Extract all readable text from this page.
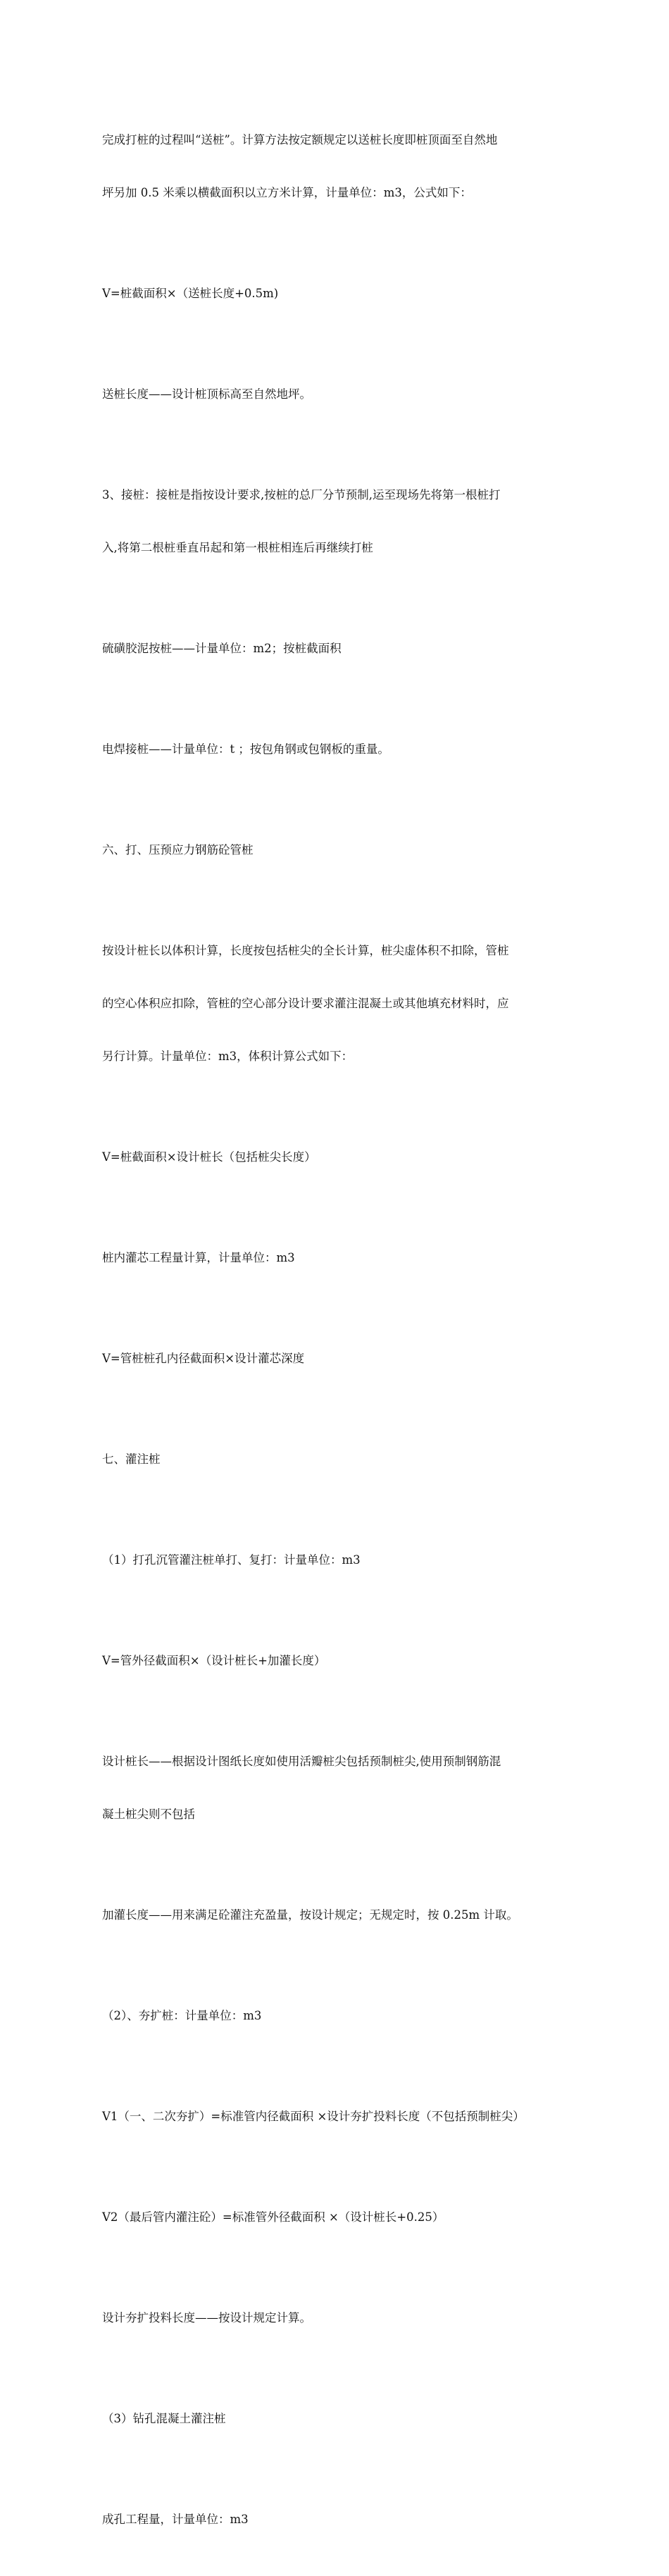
完成打桩的过程叫“送桩”。计算方法按定额规定以送桩长度即桩顶面至自然地

坪另加 0.5 米乘以横截面积以立方米计算，计量单位：m3，公式如下：

V=桩截面积×（送桩长度+0.5m)

送桩长度——设计桩顶标高至自然地坪。

3、接桩：接桩是指按设计要求,按桩的总厂分节预制,运至现场先将第一根桩打

入,将第二根桩垂直吊起和第一根桩相连后再继续打桩

硫磺胶泥按桩——计量单位：m2；按桩截面积

电焊接桩——计量单位：t ；按包角钢或包钢板的重量。

六、打、压预应力钢筋砼管桩

按设计桩长以体积计算，长度按包括桩尖的全长计算，桩尖虚体积不扣除，管桩

的空心体积应扣除，管桩的空心部分设计要求灌注混凝土或其他填充材料时，应

另行计算。计量单位：m3，体积计算公式如下：

V=桩截面积×设计桩长（包括桩尖长度）

桩内灌芯工程量计算，计量单位：m3

V=管桩桩孔内径截面积×设计灌芯深度

七、灌注桩

（1）打孔沉管灌注桩单打、复打：计量单位：m3

V=管外径截面积×（设计桩长+加灌长度）

设计桩长——根据设计图纸长度如使用活瓣桩尖包括预制桩尖,使用预制钢筋混

凝土桩尖则不包括

加灌长度——用来满足砼灌注充盈量，按设计规定；无规定时，按 0.25m 计取。

（2）、夯扩桩：计量单位：m3

V1（一、二次夯扩）=标准管内径截面积 ×设计夯扩投料长度（不包括预制桩尖）

V2（最后管内灌注砼）=标准管外径截面积 ×（设计桩长+0.25）

设计夯扩投料长度——按设计规定计算。

（3）钻孔混凝土灌注桩

成孔工程量，计量单位：m3
